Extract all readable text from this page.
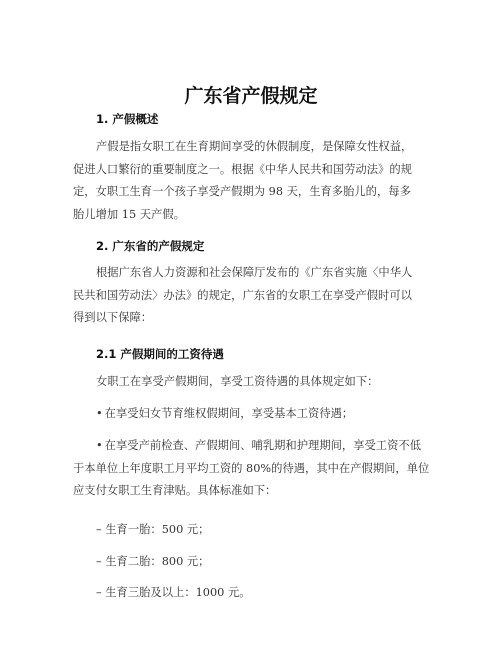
广东省产假规定
1. 产假概述
产假是指女职工在生育期间享受的休假制度，是保障女性权益，
促进人口繁衍的重要制度之一。根据《中华人民共和国劳动法》的规
定，女职工生育一个孩子享受产假期为 98 天，生育多胎儿的，每多
胎儿增加 15 天产假。
2. 广东省的产假规定
根据广东省人力资源和社会保障厅发布的《广东省实施〈中华人
民共和国劳动法〉办法》的规定，广东省的女职工在享受产假时可以
得到以下保障：
2.1 产假期间的工资待遇
女职工在享受产假期间，享受工资待遇的具体规定如下：
• 在享受妇女节育维权假期间，享受基本工资待遇；
• 在享受产前检查、产假期间、哺乳期和护理期间，享受工资不低
于本单位上年度职工月平均工资的 80%的待遇，其中在产假期间，单位
应支付女职工生育津贴。具体标准如下：
– 生育一胎：500 元；
– 生育二胎：800 元；
– 生育三胎及以上：1000 元。
